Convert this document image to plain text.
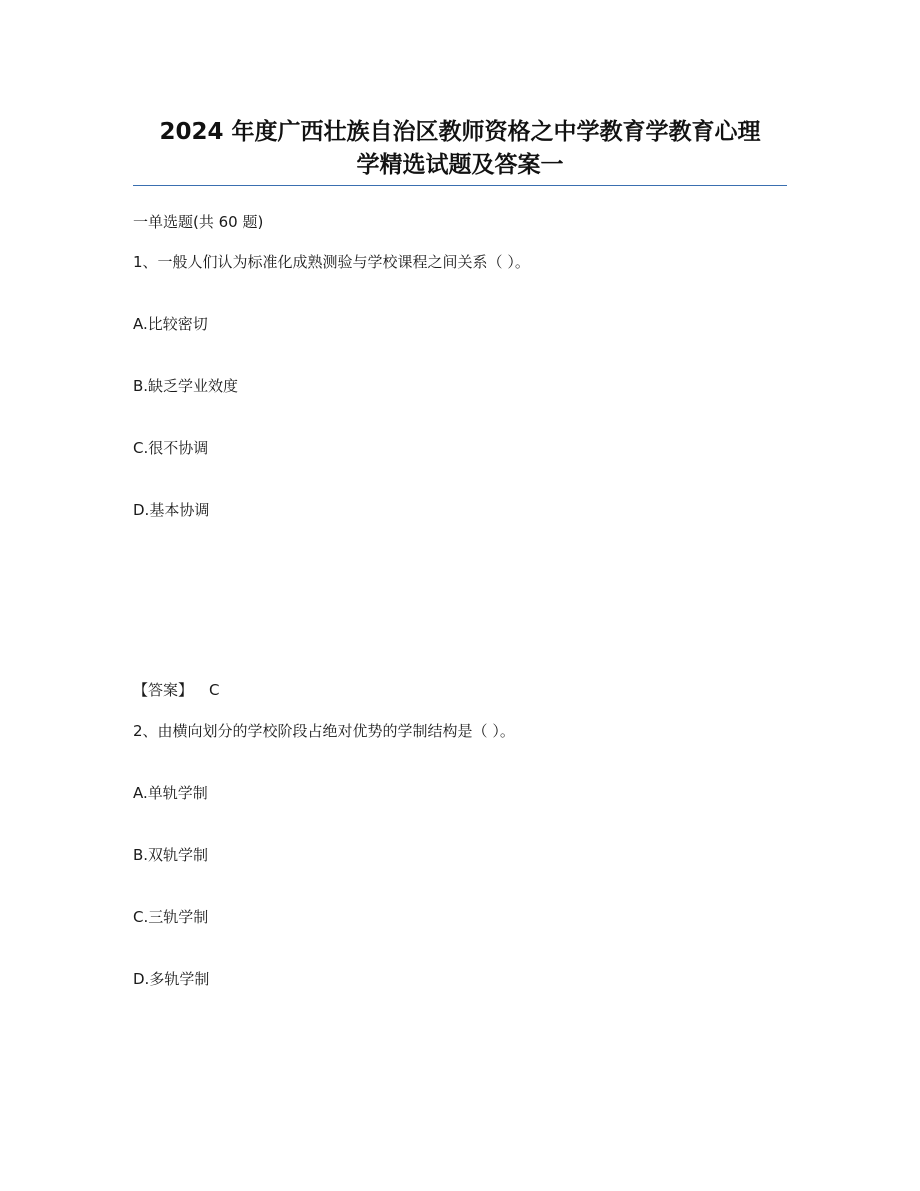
2024 年度广西壮族自治区教师资格之中学教育学教育心理
学精选试题及答案一
一单选题(共 60 题)
1、一般人们认为标准化成熟测验与学校课程之间关系（ ）。
A.比较密切
B.缺乏学业效度
C.很不协调
D.基本协调
【答案】 C
2、由横向划分的学校阶段占绝对优势的学制结构是（ ）。
A.单轨学制
B.双轨学制
C.三轨学制
D.多轨学制
